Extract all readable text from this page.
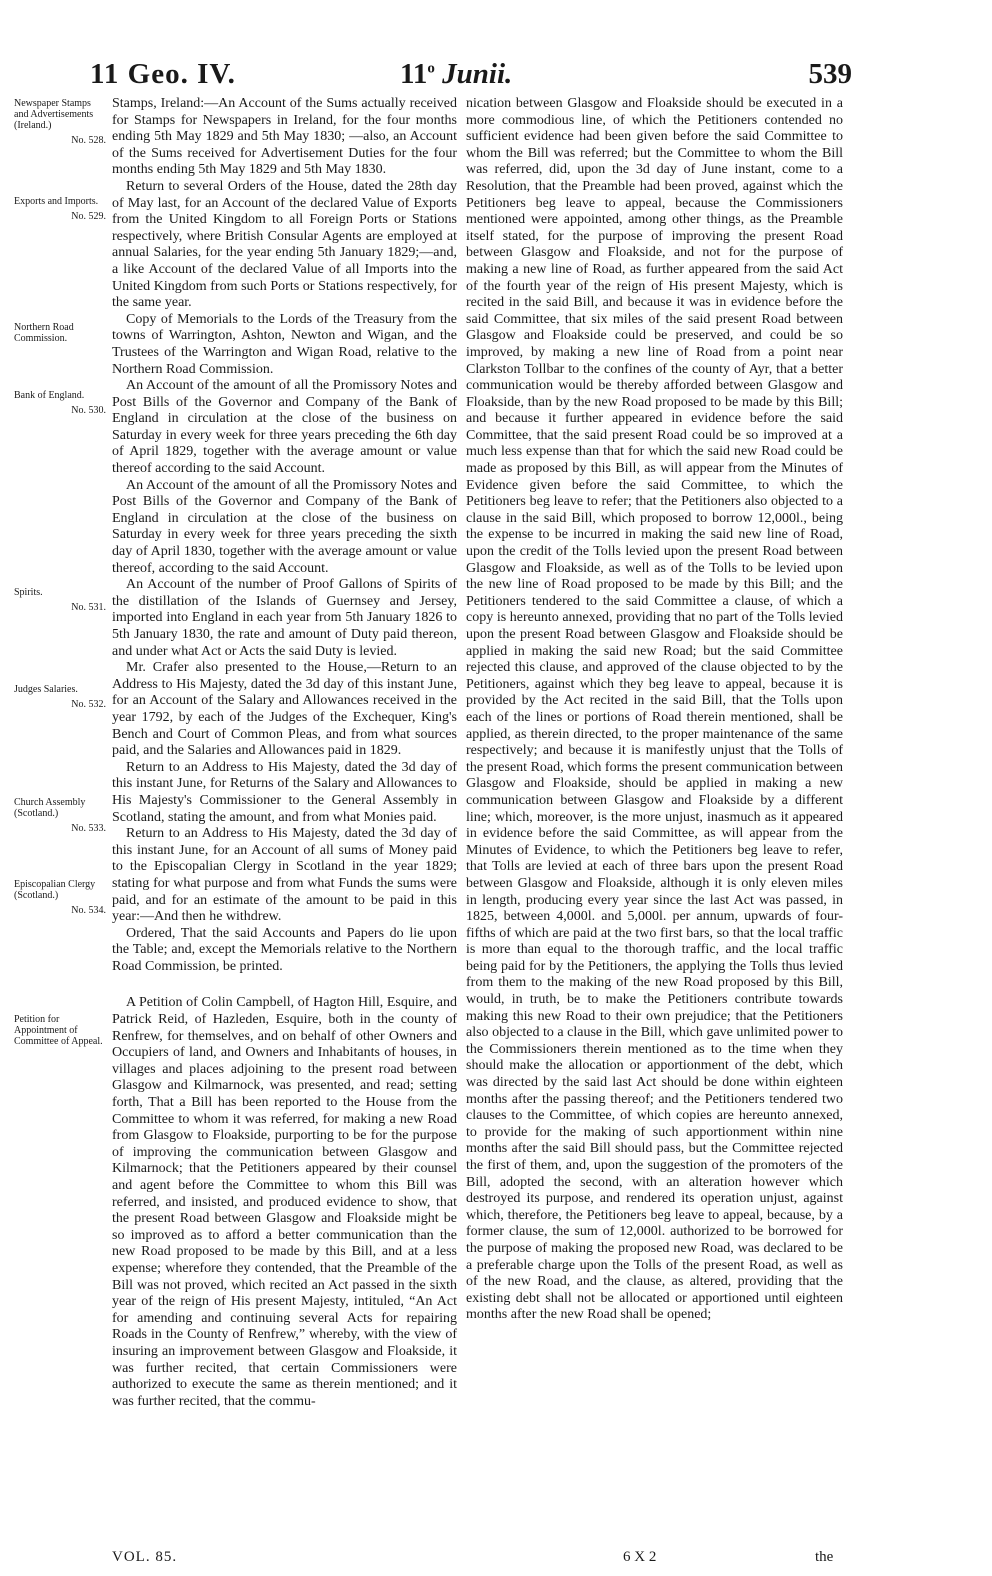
11 Geo. IV.	11$^o$ Junii.	539
Newspaper Stamps and Advertisements (Ireland.)
No. 528.
Exports and Imports.
No. 529.
Northern Road Commission.
Bank of England.
No. 530.
Spirits.
No. 531.
Judges Salaries.
No. 532.
Church Assembly (Scotland.)
No. 533.
Episcopalian Clergy (Scotland.)
No. 534.
Petition for Appointment of Committee of Appeal.

Stamps, Ireland:—An Account of the Sums actually received for Stamps for Newspapers in Ireland, for the four months ending 5th May 1829 and 5th May 1830; —also, an Account of the Sums received for Advertisement Duties for the four months ending 5th May 1829 and 5th May 1830.

Return to several Orders of the House, dated the 28th day of May last, for an Account of the declared Value of Exports from the United Kingdom to all Foreign Ports or Stations respectively, where British Consular Agents are employed at annual Salaries, for the year ending 5th January 1829;—and, a like Account of the declared Value of all Imports into the United Kingdom from such Ports or Stations respectively, for the same year.

Copy of Memorials to the Lords of the Treasury from the towns of Warrington, Ashton, Newton and Wigan, and the Trustees of the Warrington and Wigan Road, relative to the Northern Road Commission.

An Account of the amount of all the Promissory Notes and Post Bills of the Governor and Company of the Bank of England in circulation at the close of the business on Saturday in every week for three years preceding the 6th day of April 1829, together with the average amount or value thereof according to the said Account.

An Account of the amount of all the Promissory Notes and Post Bills of the Governor and Company of the Bank of England in circulation at the close of the business on Saturday in every week for three years preceding the sixth day of April 1830, together with the average amount or value thereof, according to the said Account.

An Account of the number of Proof Gallons of Spirits of the distillation of the Islands of Guernsey and Jersey, imported into England in each year from 5th January 1826 to 5th January 1830, the rate and amount of Duty paid thereon, and under what Act or Acts the said Duty is levied.

Mr. Crafer also presented to the House,—Return to an Address to His Majesty, dated the 3d day of this instant June, for an Account of the Salary and Allowances received in the year 1792, by each of the Judges of the Exchequer, King's Bench and Court of Common Pleas, and from what sources paid, and the Salaries and Allowances paid in 1829.

Return to an Address to His Majesty, dated the 3d day of this instant June, for Returns of the Salary and Allowances to His Majesty's Commissioner to the General Assembly in Scotland, stating the amount, and from what Monies paid.

Return to an Address to His Majesty, dated the 3d day of this instant June, for an Account of all sums of Money paid to the Episcopalian Clergy in Scotland in the year 1829; stating for what purpose and from what Funds the sums were paid, and for an estimate of the amount to be paid in this year:—And then he withdrew.

Ordered, That the said Accounts and Papers do lie upon the Table; and, except the Memorials relative to the Northern Road Commission, be printed.

A Petition of Colin Campbell, of Hagton Hill, Esquire, and Patrick Reid, of Hazleden, Esquire, both in the county of Renfrew, for themselves, and on behalf of other Owners and Occupiers of land, and Owners and Inhabitants of houses, in villages and places adjoining to the present road between Glasgow and Kilmarnock, was presented, and read; setting forth, That a Bill has been reported to the House from the Committee to whom it was referred, for making a new Road from Glasgow to Floakside, purporting to be for the purpose of improving the communication between Glasgow and Kilmarnock; that the Petitioners appeared by their counsel and agent before the Committee to whom this Bill was referred, and insisted, and produced evidence to show, that the present Road between Glasgow and Floakside might be so improved as to afford a better communication than the new Road proposed to be made by this Bill, and at a less expense; wherefore they contended, that the Preamble of the Bill was not proved, which recited an Act passed in the sixth year of the reign of His present Majesty, intituled, “An Act for amending and continuing several Acts for repairing Roads in the County of Renfrew,” whereby, with the view of insuring an improvement between Glasgow and Floakside, it was further recited, that certain Commissioners were authorized to execute the same as therein mentioned; and it was further recited, that the commu-

nication between Glasgow and Floakside should be executed in a more commodious line, of which the Petitioners contended no sufficient evidence had been given before the said Committee to whom the Bill was referred; but the Committee to whom the Bill was referred, did, upon the 3d day of June instant, come to a Resolution, that the Preamble had been proved, against which the Petitioners beg leave to appeal, because the Commissioners mentioned were appointed, among other things, as the Preamble itself stated, for the purpose of improving the present Road between Glasgow and Floakside, and not for the purpose of making a new line of Road, as further appeared from the said Act of the fourth year of the reign of His present Majesty, which is recited in the said Bill, and because it was in evidence before the said Committee, that six miles of the said present Road between Glasgow and Floakside could be preserved, and could be so improved, by making a new line of Road from a point near Clarkston Tollbar to the confines of the county of Ayr, that a better communication would be thereby afforded between Glasgow and Floakside, than by the new Road proposed to be made by this Bill; and because it further appeared in evidence before the said Committee, that the said present Road could be so improved at a much less expense than that for which the said new Road could be made as proposed by this Bill, as will appear from the Minutes of Evidence given before the said Committee, to which the Petitioners beg leave to refer; that the Petitioners also objected to a clause in the said Bill, which proposed to borrow 12,000l., being the expense to be incurred in making the said new line of Road, upon the credit of the Tolls levied upon the present Road between Glasgow and Floakside, as well as of the Tolls to be levied upon the new line of Road proposed to be made by this Bill; and the Petitioners tendered to the said Committee a clause, of which a copy is hereunto annexed, providing that no part of the Tolls levied upon the present Road between Glasgow and Floakside should be applied in making the said new Road; but the said Committee rejected this clause, and approved of the clause objected to by the Petitioners, against which they beg leave to appeal, because it is provided by the Act recited in the said Bill, that the Tolls upon each of the lines or portions of Road therein mentioned, shall be applied, as therein directed, to the proper maintenance of the same respectively; and because it is manifestly unjust that the Tolls of the present Road, which forms the present communication between Glasgow and Floakside, should be applied in making a new communication between Glasgow and Floakside by a different line; which, moreover, is the more unjust, inasmuch as it appeared in evidence before the said Committee, as will appear from the Minutes of Evidence, to which the Petitioners beg leave to refer, that Tolls are levied at each of three bars upon the present Road between Glasgow and Floakside, although it is only eleven miles in length, producing every year since the last Act was passed, in 1825, between 4,000l. and 5,000l. per annum, upwards of four-fifths of which are paid at the two first bars, so that the local traffic is more than equal to the thorough traffic, and the local traffic being paid for by the Petitioners, the applying the Tolls thus levied from them to the making of the new Road proposed by this Bill, would, in truth, be to make the Petitioners contribute towards making this new Road to their own prejudice; that the Petitioners also objected to a clause in the Bill, which gave unlimited power to the Commissioners therein mentioned as to the time when they should make the allocation or apportionment of the debt, which was directed by the said last Act should be done within eighteen months after the passing thereof; and the Petitioners tendered two clauses to the Committee, of which copies are hereunto annexed, to provide for the making of such apportionment within nine months after the said Bill should pass, but the Committee rejected the first of them, and, upon the suggestion of the promoters of the Bill, adopted the second, with an alteration however which destroyed its purpose, and rendered its operation unjust, against which, therefore, the Petitioners beg leave to appeal, because, by a former clause, the sum of 12,000l. authorized to be borrowed for the purpose of making the proposed new Road, was declared to be a preferable charge upon the Tolls of the present Road, as well as of the new Road, and the clause, as altered, providing that the existing debt shall not be allocated or apportioned until eighteen months after the new Road shall be opened;

VOL. 85.	6 X 2	the
